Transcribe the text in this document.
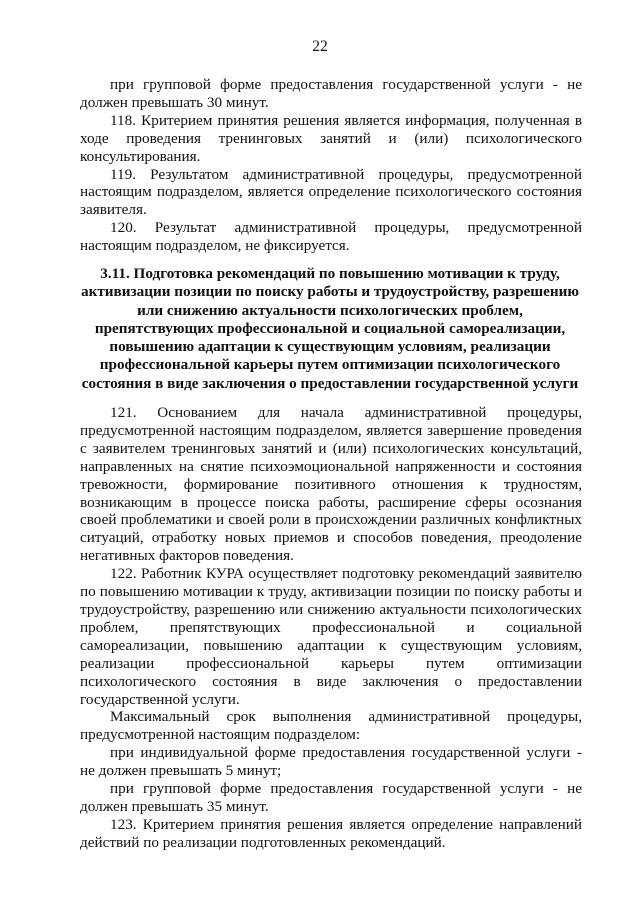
22

при групповой форме предоставления государственной услуги - не должен превышать 30 минут.

118. Критерием принятия решения является информация, полученная в ходе проведения тренинговых занятий и (или) психологического консультирования.

119. Результатом административной процедуры, предусмотренной настоящим подразделом, является определение психологического состояния заявителя.

120. Результат административной процедуры, предусмотренной настоящим подразделом, не фиксируется.

3.11. Подготовка рекомендаций по повышению мотивации к труду,
активизации позиции по поиску работы и трудоустройству, разрешению
или снижению актуальности психологических проблем,
препятствующих профессиональной и социальной самореализации,
повышению адаптации к существующим условиям, реализации
профессиональной карьеры путем оптимизации психологического
состояния в виде заключения о предоставлении государственной услуги

121. Основанием для начала административной процедуры, предусмотренной настоящим подразделом, является завершение проведения с заявителем тренинговых занятий и (или) психологических консультаций, направленных на снятие психоэмоциональной напряженности и состояния тревожности, формирование позитивного отношения к трудностям, возникающим в процессе поиска работы, расширение сферы осознания своей проблематики и своей роли в происхождении различных конфликтных ситуаций, отработку новых приемов и способов поведения, преодоление негативных факторов поведения.

122. Работник КУРА осуществляет подготовку рекомендаций заявителю по повышению мотивации к труду, активизации позиции по поиску работы и трудоустройству, разрешению или снижению актуальности психологических проблем, препятствующих профессиональной и социальной самореализации, повышению адаптации к существующим условиям, реализации профессиональной карьеры путем оптимизации психологического состояния в виде заключения о предоставлении государственной услуги.

Максимальный срок выполнения административной процедуры, предусмотренной настоящим подразделом:

при индивидуальной форме предоставления государственной услуги - не должен превышать 5 минут;

при групповой форме предоставления государственной услуги - не должен превышать 35 минут.

123. Критерием принятия решения является определение направлений действий по реализации подготовленных рекомендаций.
